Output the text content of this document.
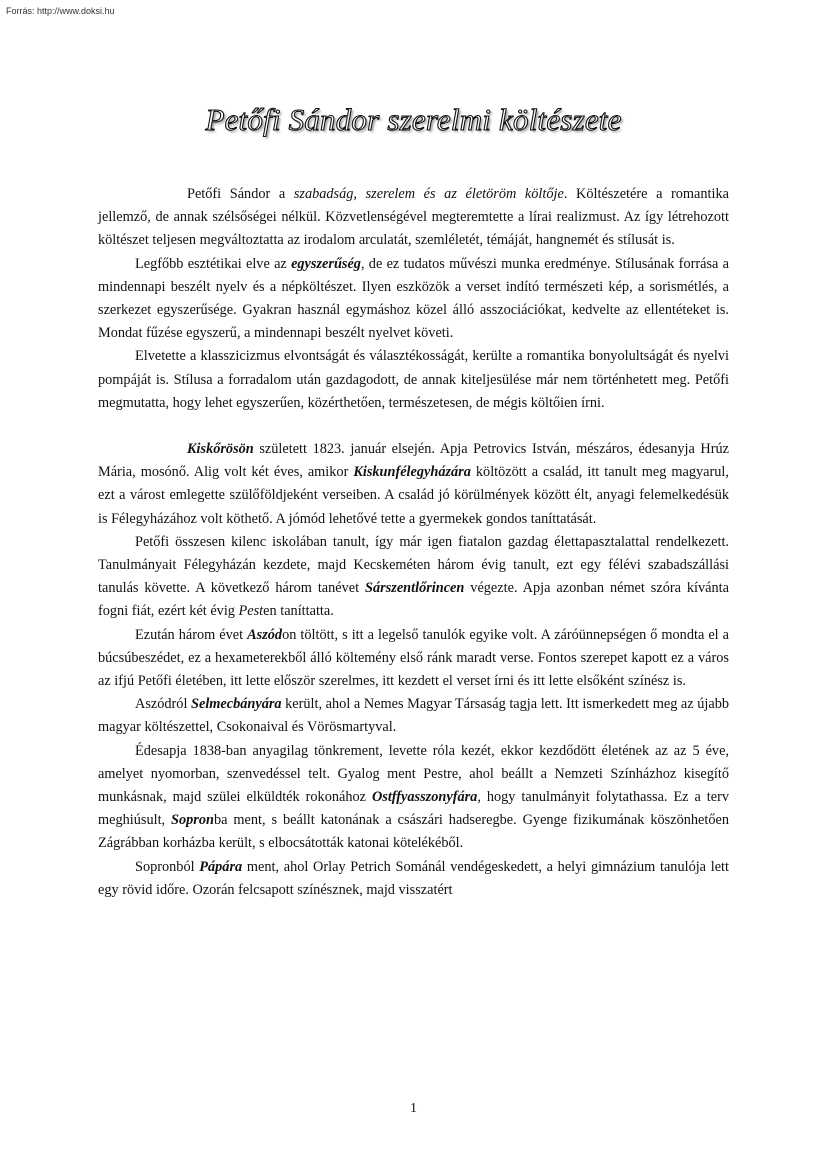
Forrás: http://www.doksi.hu
Petőfi Sándor szerelmi költészete

Petőfi Sándor a szabadság, szerelem és az életöröm költője. Költészetére a romantika jellemző, de annak szélsőségei nélkül. Közvetlenségével megteremtette a lírai realizmust. Az így létrehozott költészet teljesen megváltoztatta az irodalom arculatát, szemléletét, témáját, hangnemét és stílusát is.

Legfőbb esztétikai elve az egyszerűség, de ez tudatos művészi munka eredménye. Stílusának forrása a mindennapi beszélt nyelv és a népköltészet. Ilyen eszközök a verset indító természeti kép, a sorismétlés, a szerkezet egyszerűsége. Gyakran használ egymáshoz közel álló asszociációkat, kedvelte az ellentéteket is. Mondat fűzése egyszerű, a mindennapi beszélt nyelvet követi.

Elvetette a klasszicizmus elvontságát és választékosságát, kerülte a romantika bonyolultságát és nyelvi pompáját is. Stílusa a forradalom után gazdagodott, de annak kiteljesülése már nem történhetett meg. Petőfi megmutatta, hogy lehet egyszerűen, közérthetően, természetesen, de mégis költőien írni.

Kiskőrösön született 1823. január elsején. Apja Petrovics István, mészáros, édesanyja Hrúz Mária, mosónő. Alig volt két éves, amikor Kiskunfélegyházára költözött a család, itt tanult meg magyarul, ezt a várost emlegette szülőföldjeként verseiben. A család jó körülmények között élt, anyagi felemelkedésük is Félegyházához volt köthető. A jómód lehetővé tette a gyermekek gondos taníttatását.

Petőfi összesen kilenc iskolában tanult, így már igen fiatalon gazdag élettapasztalattal rendelkezett. Tanulmányait Félegyházán kezdete, majd Kecskeméten három évig tanult, ezt egy félévi szabadszállási tanulás követte. A következő három tanévet Sárszentlőrincen végezte. Apja azonban német szóra kívánta fogni fiát, ezért két évig Pesten taníttatta.

Ezután három évet Aszódon töltött, s itt a legelső tanulók egyike volt. A záróünnepségen ő mondta el a búcsúbeszédet, ez a hexameterekből álló költemény első ránk maradt verse. Fontos szerepet kapott ez a város az ifjú Petőfi életében, itt lette először szerelmes, itt kezdett el verset írni és itt lette elsőként színész is.

Aszódról Selmecbányára került, ahol a Nemes Magyar Társaság tagja lett. Itt ismerkedett meg az újabb magyar költészettel, Csokonaival és Vörösmartyval.

Édesapja 1838-ban anyagilag tönkrement, levette róla kezét, ekkor kezdődött életének az az 5 éve, amelyet nyomorban, szenvedéssel telt. Gyalog ment Pestre, ahol beállt a Nemzeti Színházhoz kisegítő munkásnak, majd szülei elküldték rokonához Ostffyasszonyfára, hogy tanulmányit folytathassa. Ez a terv meghiúsult, Sopronba ment, s beállt katonának a császári hadseregbe. Gyenge fizikumának köszönhetően Zágrábban korházba került, s elbocsátották katonai kötelékéből.

Sopronból Pápára ment, ahol Orlay Petrich Sománál vendégeskedett, a helyi gimnázium tanulója lett egy rövid időre. Ozorán felcsapott színésznek, majd visszatért

1
